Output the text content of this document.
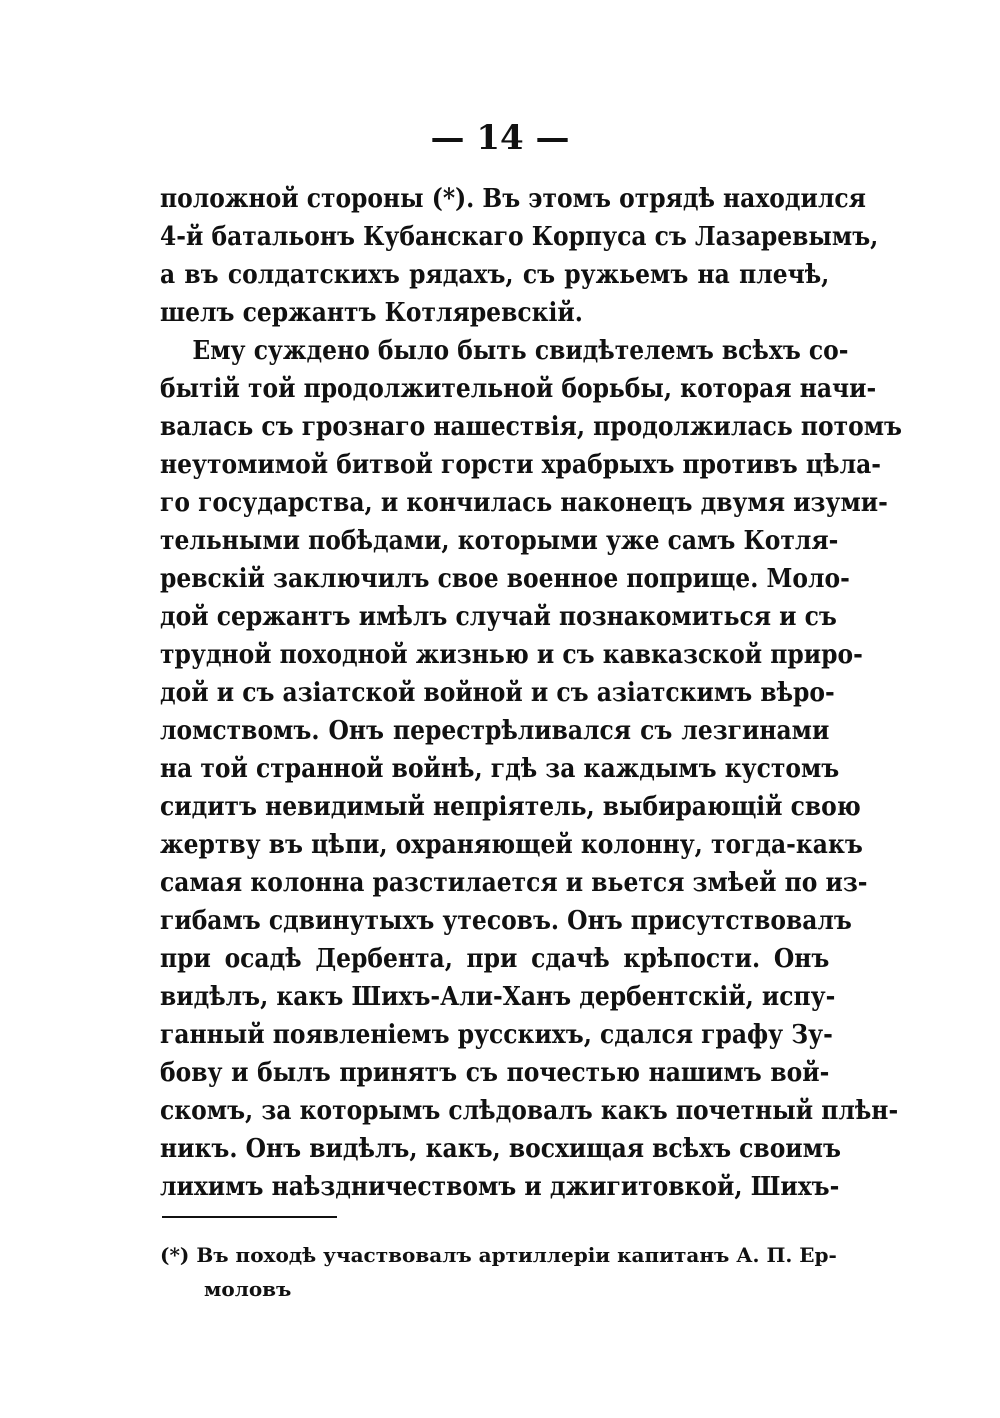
— 14 —
положной стороны (*). Въ этомъ отрядѣ находился
4-й батальонъ Кубанскаго Корпуса съ Лазаревымъ,
а въ солдатскихъ рядахъ, съ ружьемъ на плечѣ,
шелъ сержантъ Котляревскій.
Ему суждено было быть свидѣтелемъ всѣхъ со-
бытій той продолжительной борьбы, которая начи-
валась съ грознаго нашествія, продолжилась потомъ
неутомимой битвой горсти храбрыхъ противъ цѣла-
го государства, и кончилась наконецъ двумя изуми-
тельными побѣдами, которыми уже самъ Котля-
ревскій заключилъ свое военное поприще. Моло-
дой сержантъ имѣлъ случай познакомиться и съ
трудной походной жизнью и съ кавказской приро-
дой и съ азіатской войной и съ азіатскимъ вѣро-
ломствомъ. Онъ перестрѣливался съ лезгинами
на той странной войнѣ, гдѣ за каждымъ кустомъ
сидитъ невидимый непріятель, выбирающій свою
жертву въ цѣпи, охраняющей колонну, тогда-какъ
самая колонна разстилается и вьется змѣей по из-
гибамъ сдвинутыхъ утесовъ. Онъ присутствовалъ
при осадѣ Дербента, при сдачѣ крѣпости. Онъ
видѣлъ, какъ Шихъ-Али-Ханъ дербентскій, испу-
ганный появленіемъ русскихъ, сдался графу Зу-
бову и былъ принятъ съ почестью нашимъ вой-
скомъ, за которымъ слѣдовалъ какъ почетный плѣн-
никъ. Онъ видѣлъ, какъ, восхищая всѣхъ своимъ
лихимъ наѣздничествомъ и джигитовкой, Шихъ-
(*) Въ походѣ участвовалъ артиллеріи капитанъ А. П. Ер-
моловъ
